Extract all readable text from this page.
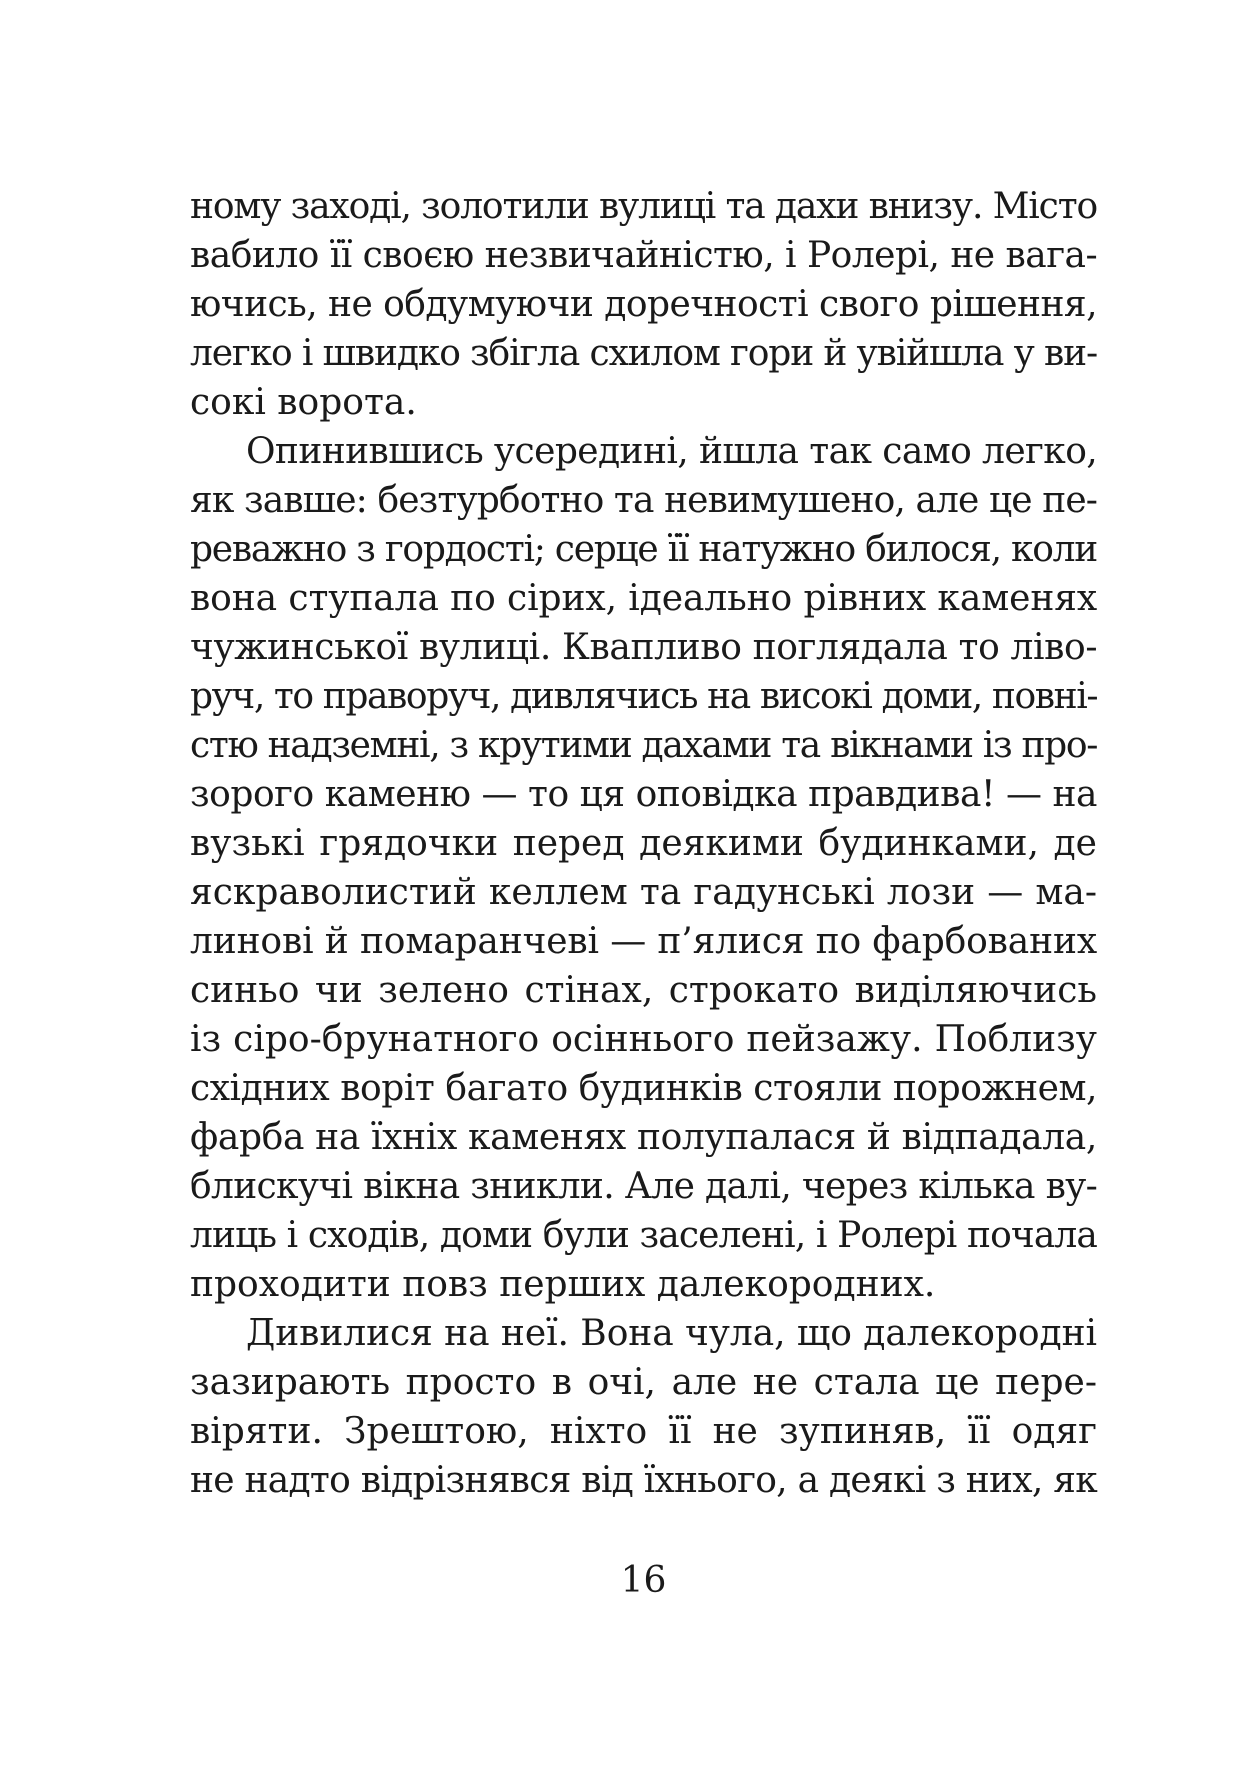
ному заході, золотили вулиці та дахи внизу. Місто
вабило її своєю незвичайністю, і Ролері, не вага-
ючись, не обдумуючи доречності свого рішення,
легко і швидко збігла схилом гори й увійшла у ви-
сокі ворота.
Опинившись усередині, йшла так само легко,
як завше: безтурботно та невимушено, але це пе-
реважно з гордості; серце її натужно билося, коли
вона ступала по сірих, ідеально рівних каменях
чужинської вулиці. Квапливо поглядала то ліво-
руч, то праворуч, дивлячись на високі доми, повні-
стю надземні, з крутими дахами та вікнами із про-
зорого каменю — то ця оповідка правдива! — на
вузькі грядочки перед деякими будинками, де
яскраволистий келлем та гадунські лози — ма-
линові й помаранчеві — п’ялися по фарбованих
синьо чи зелено стінах, строкато виділяючись
із сіро-брунатного осіннього пейзажу. Поблизу
східних воріт багато будинків стояли порожнем,
фарба на їхніх каменях полупалася й відпадала,
блискучі вікна зникли. Але далі, через кілька ву-
лиць і сходів, доми були заселені, і Ролері почала
проходити повз перших далекородних.
Дивилися на неї. Вона чула, що далекородні
зазирають просто в очі, але не стала це пере-
віряти. Зрештою, ніхто її не зупиняв, її одяг
не надто відрізнявся від їхнього, а деякі з них, як
16
